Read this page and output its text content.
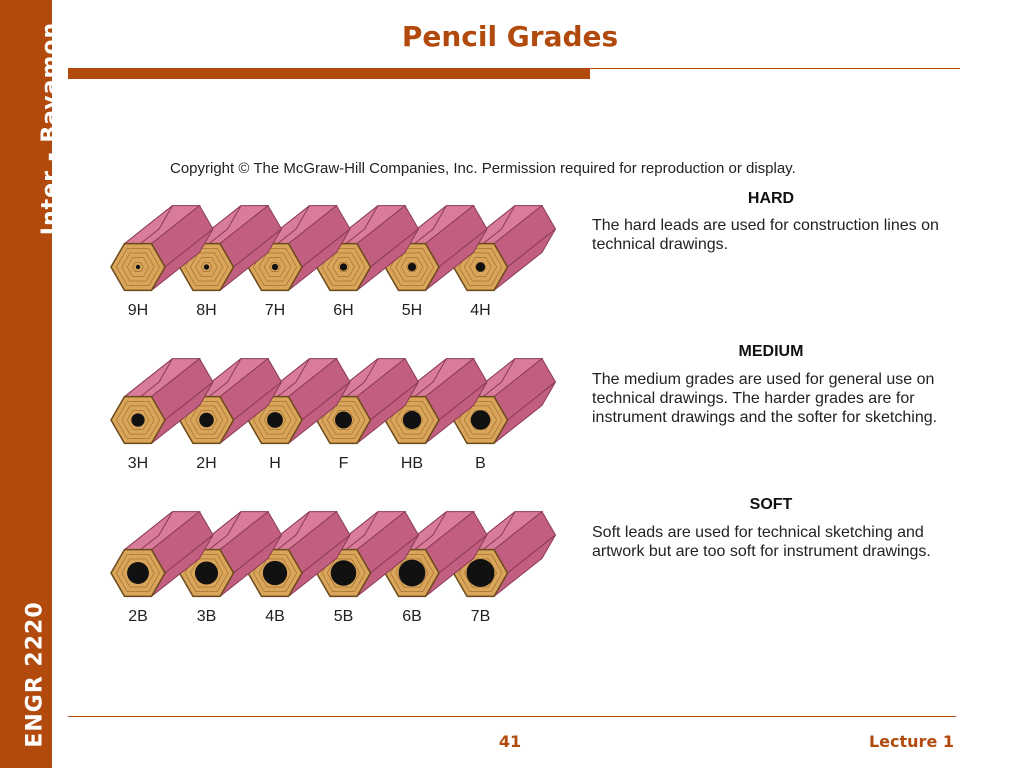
Inter - Bayamon
ENGR 2220
Pencil Grades
Copyright © The McGraw-Hill Companies, Inc. Permission required for reproduction or display.
9H	8H	7H	6H	5H	4H
3H	2H	H	F	HB	B
2B	3B	4B	5B	6B	7B
HARD
The hard leads are used for construction lines on technical drawings.
MEDIUM
The medium grades are used for general use on technical drawings. The harder grades are for instrument drawings and the softer for sketching.
SOFT
Soft leads are used for technical sketching and artwork but are too soft for instrument drawings.
41	Lecture 1
